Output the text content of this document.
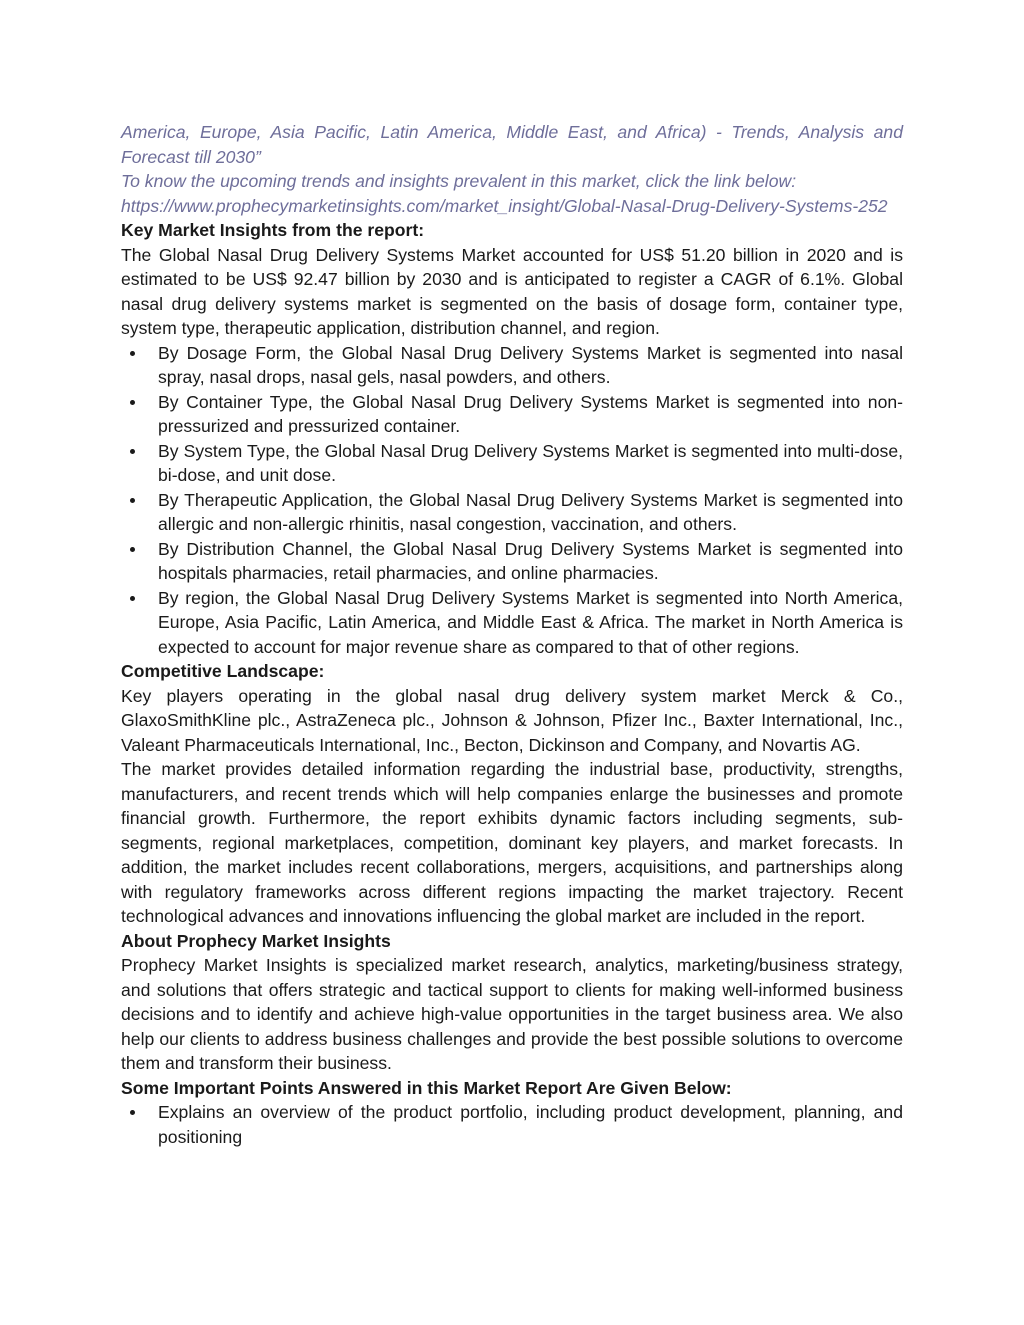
America, Europe, Asia Pacific, Latin America, Middle East, and Africa) - Trends, Analysis and Forecast till 2030”

To know the upcoming trends and insights prevalent in this market, click the link below:

https://www.prophecymarketinsights.com/market_insight/Global-Nasal-Drug-Delivery-Systems-252

Key Market Insights from the report:

The Global Nasal Drug Delivery Systems Market accounted for US$ 51.20 billion in 2020 and is estimated to be US$ 92.47 billion by 2030 and is anticipated to register a CAGR of 6.1%. Global nasal drug delivery systems market is segmented on the basis of dosage form, container type, system type, therapeutic application, distribution channel, and region.

By Dosage Form, the Global Nasal Drug Delivery Systems Market is segmented into nasal spray, nasal drops, nasal gels, nasal powders, and others.
By Container Type, the Global Nasal Drug Delivery Systems Market is segmented into non-pressurized and pressurized container.
By System Type, the Global Nasal Drug Delivery Systems Market is segmented into multi-dose, bi-dose, and unit dose.
By Therapeutic Application, the Global Nasal Drug Delivery Systems Market is segmented into allergic and non-allergic rhinitis, nasal congestion, vaccination, and others.
By Distribution Channel, the Global Nasal Drug Delivery Systems Market is segmented into hospitals pharmacies, retail pharmacies, and online pharmacies.
By region, the Global Nasal Drug Delivery Systems Market is segmented into North America, Europe, Asia Pacific, Latin America, and Middle East & Africa. The market in North America is expected to account for major revenue share as compared to that of other regions.

Competitive Landscape:

Key players operating in the global nasal drug delivery system market Merck & Co., GlaxoSmithKline plc., AstraZeneca plc., Johnson & Johnson, Pfizer Inc., Baxter International, Inc., Valeant Pharmaceuticals International, Inc., Becton, Dickinson and Company, and Novartis AG.

The market provides detailed information regarding the industrial base, productivity, strengths, manufacturers, and recent trends which will help companies enlarge the businesses and promote financial growth. Furthermore, the report exhibits dynamic factors including segments, sub-segments, regional marketplaces, competition, dominant key players, and market forecasts. In addition, the market includes recent collaborations, mergers, acquisitions, and partnerships along with regulatory frameworks across different regions impacting the market trajectory. Recent technological advances and innovations influencing the global market are included in the report.

About Prophecy Market Insights

Prophecy Market Insights is specialized market research, analytics, marketing/business strategy, and solutions that offers strategic and tactical support to clients for making well-informed business decisions and to identify and achieve high-value opportunities in the target business area. We also help our clients to address business challenges and provide the best possible solutions to overcome them and transform their business.

Some Important Points Answered in this Market Report Are Given Below:

Explains an overview of the product portfolio, including product development, planning, and positioning
